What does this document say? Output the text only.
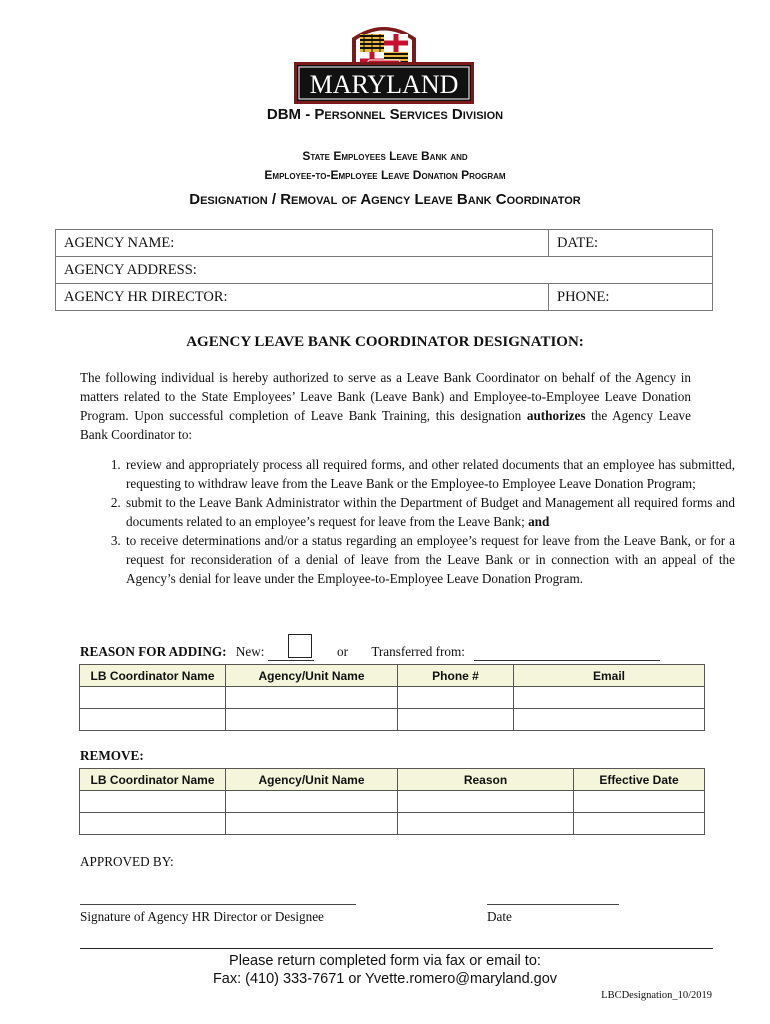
MARYLAND
DBM - Personnel Services Division
State Employees Leave Bank and
Employee-to-Employee Leave Donation Program
Designation / Removal of Agency Leave Bank Coordinator
AGENCY NAME:	DATE:
AGENCY ADDRESS:	
AGENCY HR DIRECTOR:	PHONE:
AGENCY LEAVE BANK COORDINATOR DESIGNATION:
The following individual is hereby authorized to serve as a Leave Bank Coordinator on behalf of the Agency in matters related to the State Employees’ Leave Bank (Leave Bank) and Employee-to-Employee Leave Donation Program. Upon successful completion of Leave Bank Training, this designation authorizes the Agency Leave Bank Coordinator to:
1. review and appropriately process all required forms, and other related documents that an employee has submitted, requesting to withdraw leave from the Leave Bank or the Employee-to Employee Leave Donation Program;
2. submit to the Leave Bank Administrator within the Department of Budget and Management all required forms and documents related to an employee’s request for leave from the Leave Bank; and
3. to receive determinations and/or a status regarding an employee’s request for leave from the Leave Bank, or for a request for reconsideration of a denial of leave from the Leave Bank or in connection with an appeal of the Agency’s denial for leave under the Employee-to-Employee Leave Donation Program.
REASON FOR ADDING: New:	or Transferred from:
LB Coordinator Name	Agency/Unit Name	Phone #	Email

REMOVE:
LB Coordinator Name	Agency/Unit Name	Reason	Effective Date

APPROVED BY:
Signature of Agency HR Director or Designee	Date
Please return completed form via fax or email to:
Fax: (410) 333-7671 or Yvette.romero@maryland.gov
LBCDesignation_10/2019
